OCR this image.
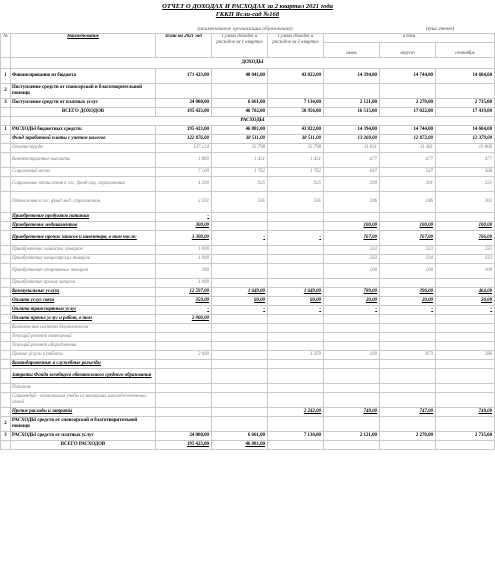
ОТЧЕТ О ДОХОДАХ И РАСХОДАХ за 2 квартал 2021 года
ГККП Ясли-сад №168
(наименование организации образования)	(тыс.тенге)
№	Наименование	План на 2021 год	Сумма доходов и расходов за 1 квартал	Сумма доходов и расходов за 2 квартал	в том		
					июнь	август	сентябрь
	ДОХОДЫ						
1	Финансирование из бюджета	171 423,00	40 041,00	43 822,00	14 394,00	14 744,00	14 684,00
2	Поступление средств от спонсорской и благотворительной помощи						
3	Поступление средств от платных услуг	24 000,00	6 661,00	7 134,00	2 121,00	2 278,00	2 735,00
	ВСЕГО ДОХОДОВ	195 423,00	46 702,00	50 956,00	16 515,00	17 022,00	17 419,00
	РАСХОДЫ						
1	РАСХОДЫ бюджетных средств:	195 423,00	46 881,00	43 822,00	14 394,00	14 744,00	14 684,00
	Фонд заработной платы с учетом налогов	122 876,00	38 511,00	38 511,00	13 260,00	12 872,00	12 379,00
	Оплата труда	137 124	33 798	33 798	11 631	11 361	10 806
	Компенсационные выплаты	1 860	1 431	1 431	477	477	477
	Социальный налог	7 100	1 762	1 762	647	547	568
	Социальные отчисления в гос. фонд соц. страхования	4 200	925	925	299	301	325
	Отчисления в гос. фонд мед. страхования	2 592	595	595	206	186	203
	Приобретение продуктов питания	-					
	Приобретение медикаментов	300,00			100,00	100,00	100,00
	Приобретение прочих запасов и инвентаря, в том числе:	3 300,00	-	-	767,00	767,00	766,00
	Приобретение хозяйств. товаров	1 000			334	333	333
	Приобретение канцелярских товаров	1 000			333	334	333
	Приобретение спортивных товаров	300			100	100	100
	Приобретение прочих запасов	1 000					
	Коммунальные услуги	12 597,00	1 649,00	1 649,00	789,00	396,00	464,00
	Оплата услуг связи	350,00	60,00	60,00	20,00	20,00	20,00
	Оплата транспортных услуг	-	-	-	-	-	-
	Оплата прочих услуг и работ, в том	2 000,00					
	Комплексная система безопасности						
	Текущий ремонт помещений						
	Текущий ремонт оборудования						
	Прочие услуги и работы	2 000		1 359	200	873	286
	Командировочные и служебные разъезды						
	Затраты Фонда всеобщего обязательного среднего образования						
	Питание						
	Стипендий - отличникам учебы из неимущих малообеспеченных семей						
	Прочие расходы и затраты			2 242,00	748,00	747,00	748,00
2	РАСХОДЫ средств от спонсорской и благотворительной помощи						
3	РАСХОДЫ средств от платных услуг	24 000,00	6 661,00	7 134,00	2 121,00	2 278,00	2 735,00
	ВСЕГО РАСХОДОВ	195 423,00	46 881,00				
